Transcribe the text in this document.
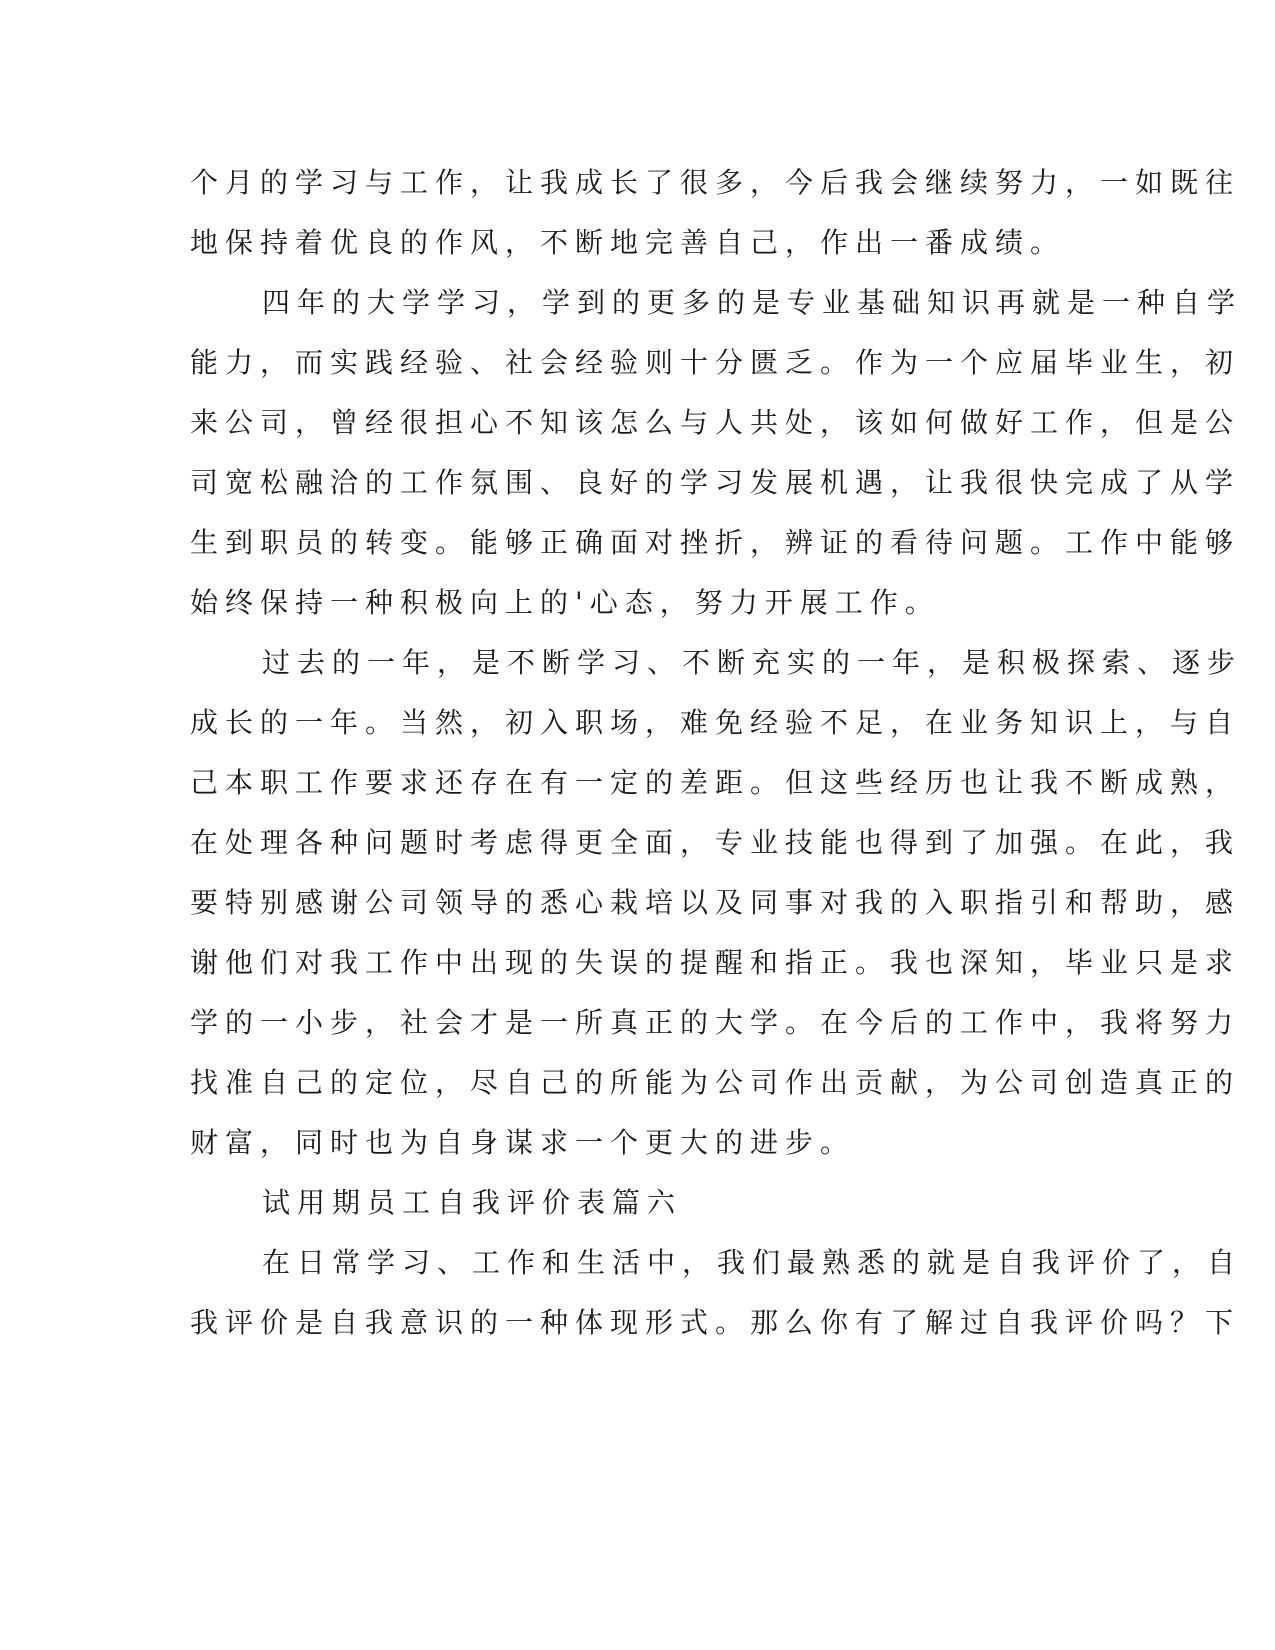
个月的学习与工作，让我成长了很多，今后我会继续努力，一如既往
地保持着优良的作风，不断地完善自己，作出一番成绩。
四年的大学学习，学到的更多的是专业基础知识再就是一种自学
能力，而实践经验、社会经验则十分匮乏。作为一个应届毕业生，初
来公司，曾经很担心不知该怎么与人共处，该如何做好工作，但是公
司宽松融洽的工作氛围、良好的学习发展机遇，让我很快完成了从学
生到职员的转变。能够正确面对挫折，辨证的看待问题。工作中能够
始终保持一种积极向上的'心态，努力开展工作。
过去的一年，是不断学习、不断充实的一年，是积极探索、逐步
成长的一年。当然，初入职场，难免经验不足，在业务知识上，与自
己本职工作要求还存在有一定的差距。但这些经历也让我不断成熟，
在处理各种问题时考虑得更全面，专业技能也得到了加强。在此，我
要特别感谢公司领导的悉心栽培以及同事对我的入职指引和帮助，感
谢他们对我工作中出现的失误的提醒和指正。我也深知，毕业只是求
学的一小步，社会才是一所真正的大学。在今后的工作中，我将努力
找准自己的定位，尽自己的所能为公司作出贡献，为公司创造真正的
财富，同时也为自身谋求一个更大的进步。
试用期员工自我评价表篇六
在日常学习、工作和生活中，我们最熟悉的就是自我评价了，自
我评价是自我意识的一种体现形式。那么你有了解过自我评价吗？下
